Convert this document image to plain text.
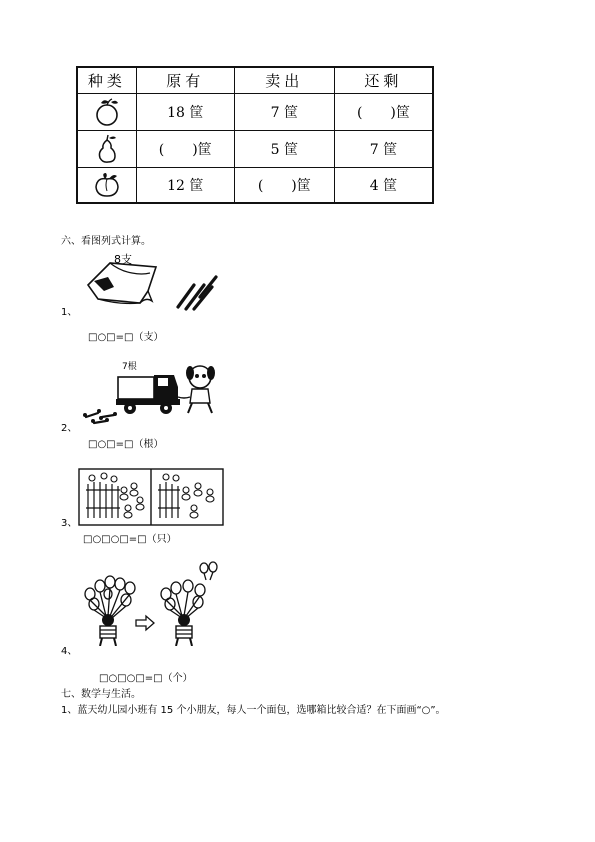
种类	原有	卖出	还剩

	18 筐	7 筐	(　　)筐

	(　　)筐	5 筐	7 筐

	12 筐	(　　)筐	4 筐
六、看图列式计算。
8支
1、
□○□=□（支）
7根
2、
□○□=□（根）
3、
□○□○□=□（只）
4、
□○□○□=□（个）
七、数学与生活。
1、蓝天幼儿园小班有 15 个小朋友，每人一个面包，选哪箱比较合适？在下面画“○”。
